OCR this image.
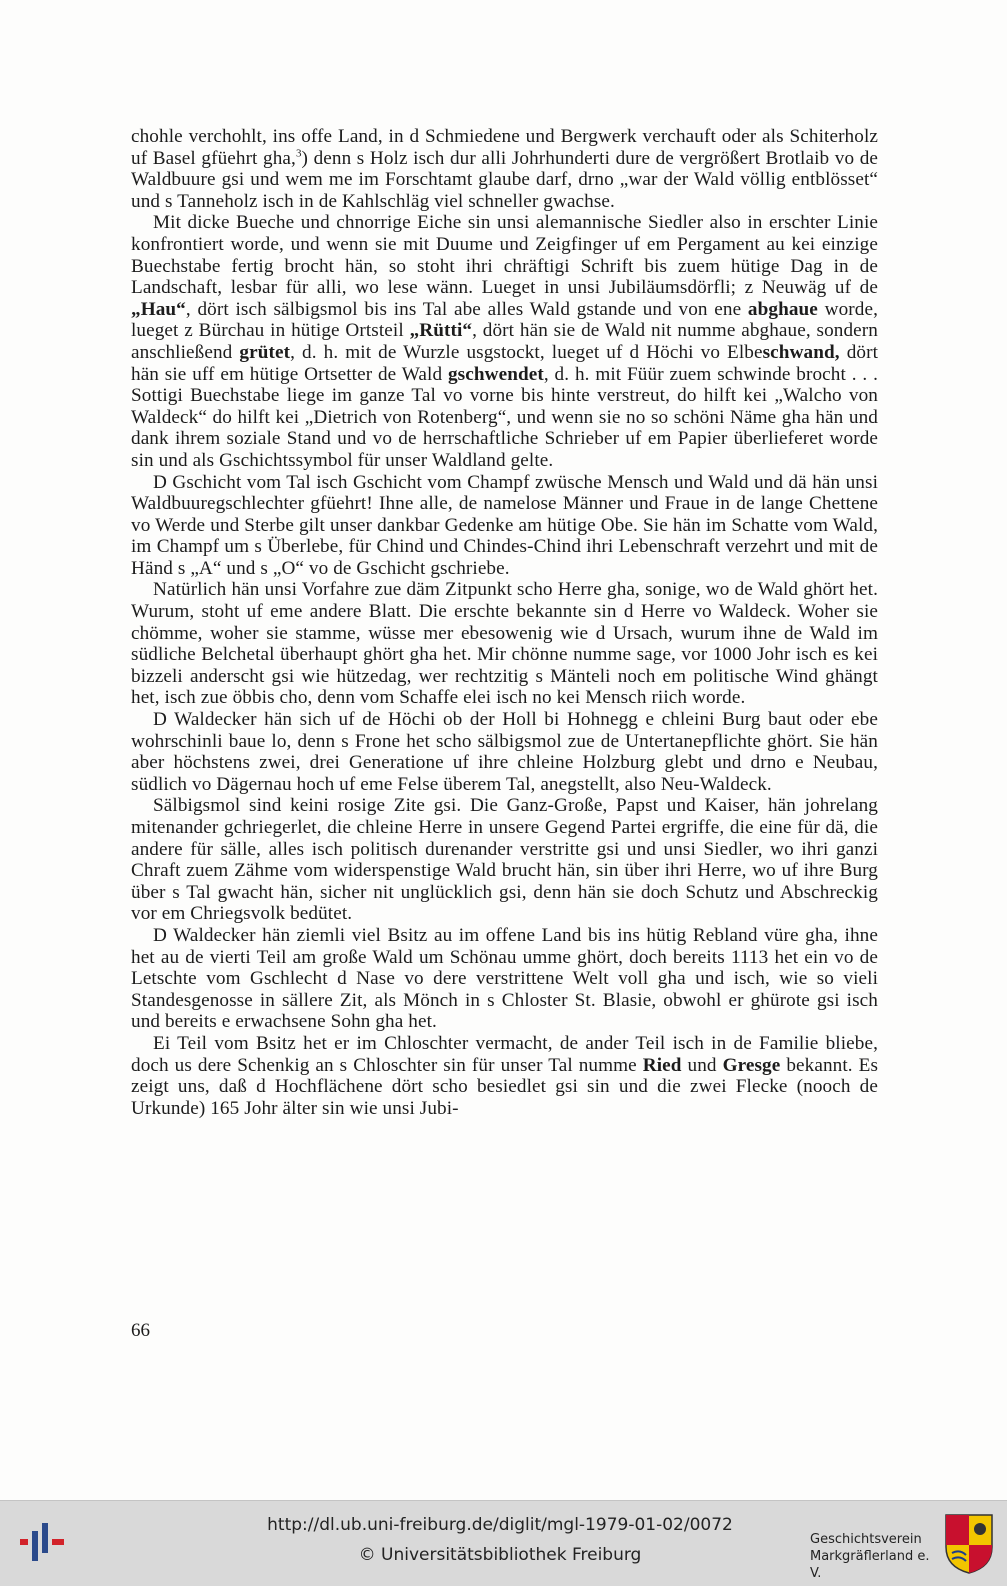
chohle verchohlt, ins offe Land, in d Schmiedene und Bergwerk verchauft oder als Schiterholz uf Basel gfüehrt gha,$^3$) denn s Holz isch dur alli Johrhunderti dure de vergrößert Brotlaib vo de Waldbuure gsi und wem me im Forschtamt glaube darf, drno „war der Wald völlig entblösset“ und s Tanneholz isch in de Kahlschläg viel schneller gwachse.

Mit dicke Bueche und chnorrige Eiche sin unsi alemannische Siedler also in erschter Linie konfrontiert worde, und wenn sie mit Duume und Zeigfinger uf em Pergament au kei einzige Buechstabe fertig brocht hän, so stoht ihri chräftigi Schrift bis zuem hütige Dag in de Landschaft, lesbar für alli, wo lese wänn. Lueget in unsi Jubiläumsdörfli; z Neuwäg uf de „Hau“, dört isch sälbigsmol bis ins Tal abe alles Wald gstande und von ene abghaue worde, lueget z Bürchau in hütige Ortsteil „Rütti“, dört hän sie de Wald nit numme abghaue, sondern anschließend grütet, d. h. mit de Wurzle usgstockt, lueget uf d Höchi vo Elbeschwand, dört hän sie uff em hütige Ortsetter de Wald gschwendet, d. h. mit Füür zuem schwinde brocht . . . Sottigi Buechstabe liege im ganze Tal vo vorne bis hinte verstreut, do hilft kei „Walcho von Waldeck“ do hilft kei „Dietrich von Rotenberg“, und wenn sie no so schöni Näme gha hän und dank ihrem soziale Stand und vo de herrschaftliche Schrieber uf em Papier überlieferet worde sin und als Gschichtssymbol für unser Waldland gelte.

D Gschicht vom Tal isch Gschicht vom Champf zwüsche Mensch und Wald und dä hän unsi Waldbuuregschlechter gfüehrt! Ihne alle, de namelose Männer und Fraue in de lange Chettene vo Werde und Sterbe gilt unser dankbar Gedenke am hütige Obe. Sie hän im Schatte vom Wald, im Champf um s Überlebe, für Chind und Chindes-Chind ihri Lebenschraft verzehrt und mit de Händ s „A“ und s „O“ vo de Gschicht gschriebe.

Natürlich hän unsi Vorfahre zue däm Zitpunkt scho Herre gha, sonige, wo de Wald ghört het. Wurum, stoht uf eme andere Blatt. Die erschte bekannte sin d Herre vo Waldeck. Woher sie chömme, woher sie stamme, wüsse mer ebesowenig wie d Ursach, wurum ihne de Wald im südliche Belchetal überhaupt ghört gha het. Mir chönne numme sage, vor 1000 Johr isch es kei bizzeli anderscht gsi wie hützedag, wer rechtzitig s Mänteli noch em politische Wind ghängt het, isch zue öbbis cho, denn vom Schaffe elei isch no kei Mensch riich worde.

D Waldecker hän sich uf de Höchi ob der Holl bi Hohnegg e chleini Burg baut oder ebe wohrschinli baue lo, denn s Frone het scho sälbigsmol zue de Untertanepflichte ghört. Sie hän aber höchstens zwei, drei Generatione uf ihre chleine Holzburg glebt und drno e Neubau, südlich vo Dägernau hoch uf eme Felse überem Tal, anegstellt, also Neu-Waldeck.

Sälbigsmol sind keini rosige Zite gsi. Die Ganz-Große, Papst und Kaiser, hän johrelang mitenander gchriegerlet, die chleine Herre in unsere Gegend Partei ergriffe, die eine für dä, die andere für sälle, alles isch politisch durenander verstritte gsi und unsi Siedler, wo ihri ganzi Chraft zuem Zähme vom widerspenstige Wald brucht hän, sin über ihri Herre, wo uf ihre Burg über s Tal gwacht hän, sicher nit unglücklich gsi, denn hän sie doch Schutz und Abschreckig vor em Chriegsvolk bedütet.

D Waldecker hän ziemli viel Bsitz au im offene Land bis ins hütig Rebland vüre gha, ihne het au de vierti Teil am große Wald um Schönau umme ghört, doch bereits 1113 het ein vo de Letschte vom Gschlecht d Nase vo dere verstrittene Welt voll gha und isch, wie so vieli Standesgenosse in sällere Zit, als Mönch in s Chloster St. Blasie, obwohl er ghürote gsi isch und bereits e erwachsene Sohn gha het.

Ei Teil vom Bsitz het er im Chloschter vermacht, de ander Teil isch in de Familie bliebe, doch us dere Schenkig an s Chloschter sin für unser Tal numme Ried und Gresge bekannt. Es zeigt uns, daß d Hochflächene dört scho besiedlet gsi sin und die zwei Flecke (nooch de Urkunde) 165 Johr älter sin wie unsi Jubi-

66
http://dl.ub.uni-freiburg.de/diglit/mgl-1979-01-02/0072
© Universitätsbibliothek Freiburg
Geschichtsverein
Markgräflerland e. V.
